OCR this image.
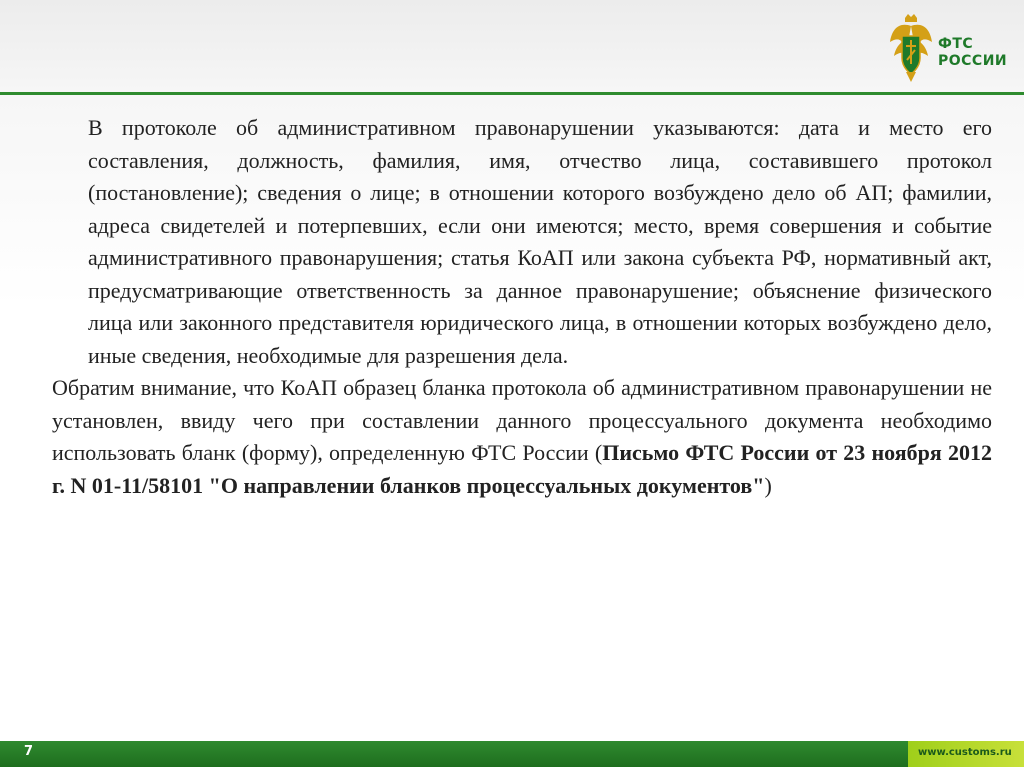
ФТС
РОССИИ

В протоколе об административном правонарушении указываются: дата и место его составления, должность, фамилия, имя, отчество лица, составившего протокол (постановление); сведения о лице; в отношении которого возбуждено дело об АП; фамилии, адреса свидетелей и потерпевших, если они имеются; место, время совершения и событие административного правонарушения; статья КоАП или закона субъекта РФ, нормативный акт, предусматривающие ответственность за данное правонарушение; объяснение физического лица или законного представителя юридического лица, в отношении которых возбуждено дело, иные сведения, необходимые для разрешения дела.

Обратим внимание, что КоАП образец бланка протокола об административном правонарушении не установлен, ввиду чего при составлении данного процессуального документа необходимо использовать бланк (форму), определенную ФТС России (Письмо ФТС России от 23 ноября 2012 г. N 01-11/58101 "О направлении бланков процессуальных документов")

7	www.customs.ru
